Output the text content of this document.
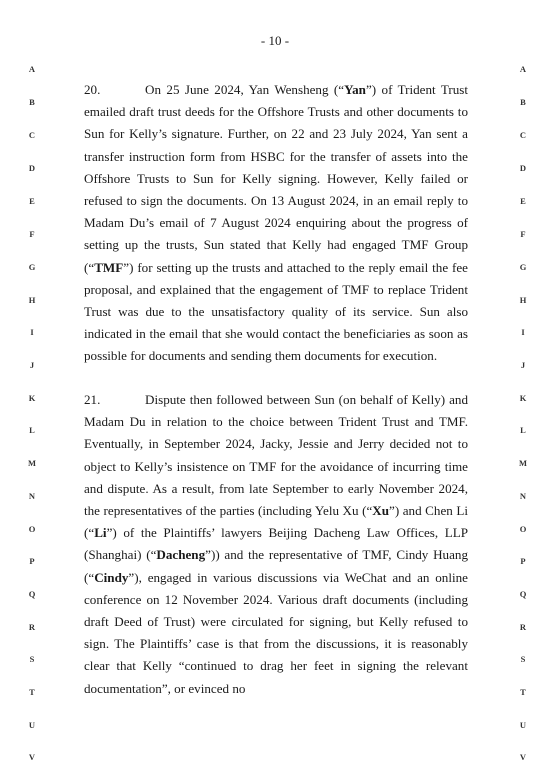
- 10 -
A
B
C
D
E
F
G
H
I
J
K
L
M
N
O
P
Q
R
S
T
U
V
A
B
C
D
E
F
G
H
I
J
K
L
M
N
O
P
Q
R
S
T
U
V
20.	On 25 June 2024, Yan Wensheng (“Yan”) of Trident Trust emailed draft trust deeds for the Offshore Trusts and other documents to Sun for Kelly’s signature. Further, on 22 and 23 July 2024, Yan sent a transfer instruction form from HSBC for the transfer of assets into the Offshore Trusts to Sun for Kelly signing. However, Kelly failed or refused to sign the documents. On 13 August 2024, in an email reply to Madam Du’s email of 7 August 2024 enquiring about the progress of setting up the trusts, Sun stated that Kelly had engaged TMF Group (“TMF”) for setting up the trusts and attached to the reply email the fee proposal, and explained that the engagement of TMF to replace Trident Trust was due to the unsatisfactory quality of its service. Sun also indicated in the email that she would contact the beneficiaries as soon as possible for documents and sending them documents for execution.
21.	Dispute then followed between Sun (on behalf of Kelly) and Madam Du in relation to the choice between Trident Trust and TMF. Eventually, in September 2024, Jacky, Jessie and Jerry decided not to object to Kelly’s insistence on TMF for the avoidance of incurring time and dispute. As a result, from late September to early November 2024, the representatives of the parties (including Yelu Xu (“Xu”) and Chen Li (“Li”) of the Plaintiffs’ lawyers Beijing Dacheng Law Offices, LLP (Shanghai) (“Dacheng”)) and the representative of TMF, Cindy Huang (“Cindy”), engaged in various discussions via WeChat and an online conference on 12 November 2024. Various draft documents (including draft Deed of Trust) were circulated for signing, but Kelly refused to sign. The Plaintiffs’ case is that from the discussions, it is reasonably clear that Kelly “continued to drag her feet in signing the relevant documentation”, or evinced no
